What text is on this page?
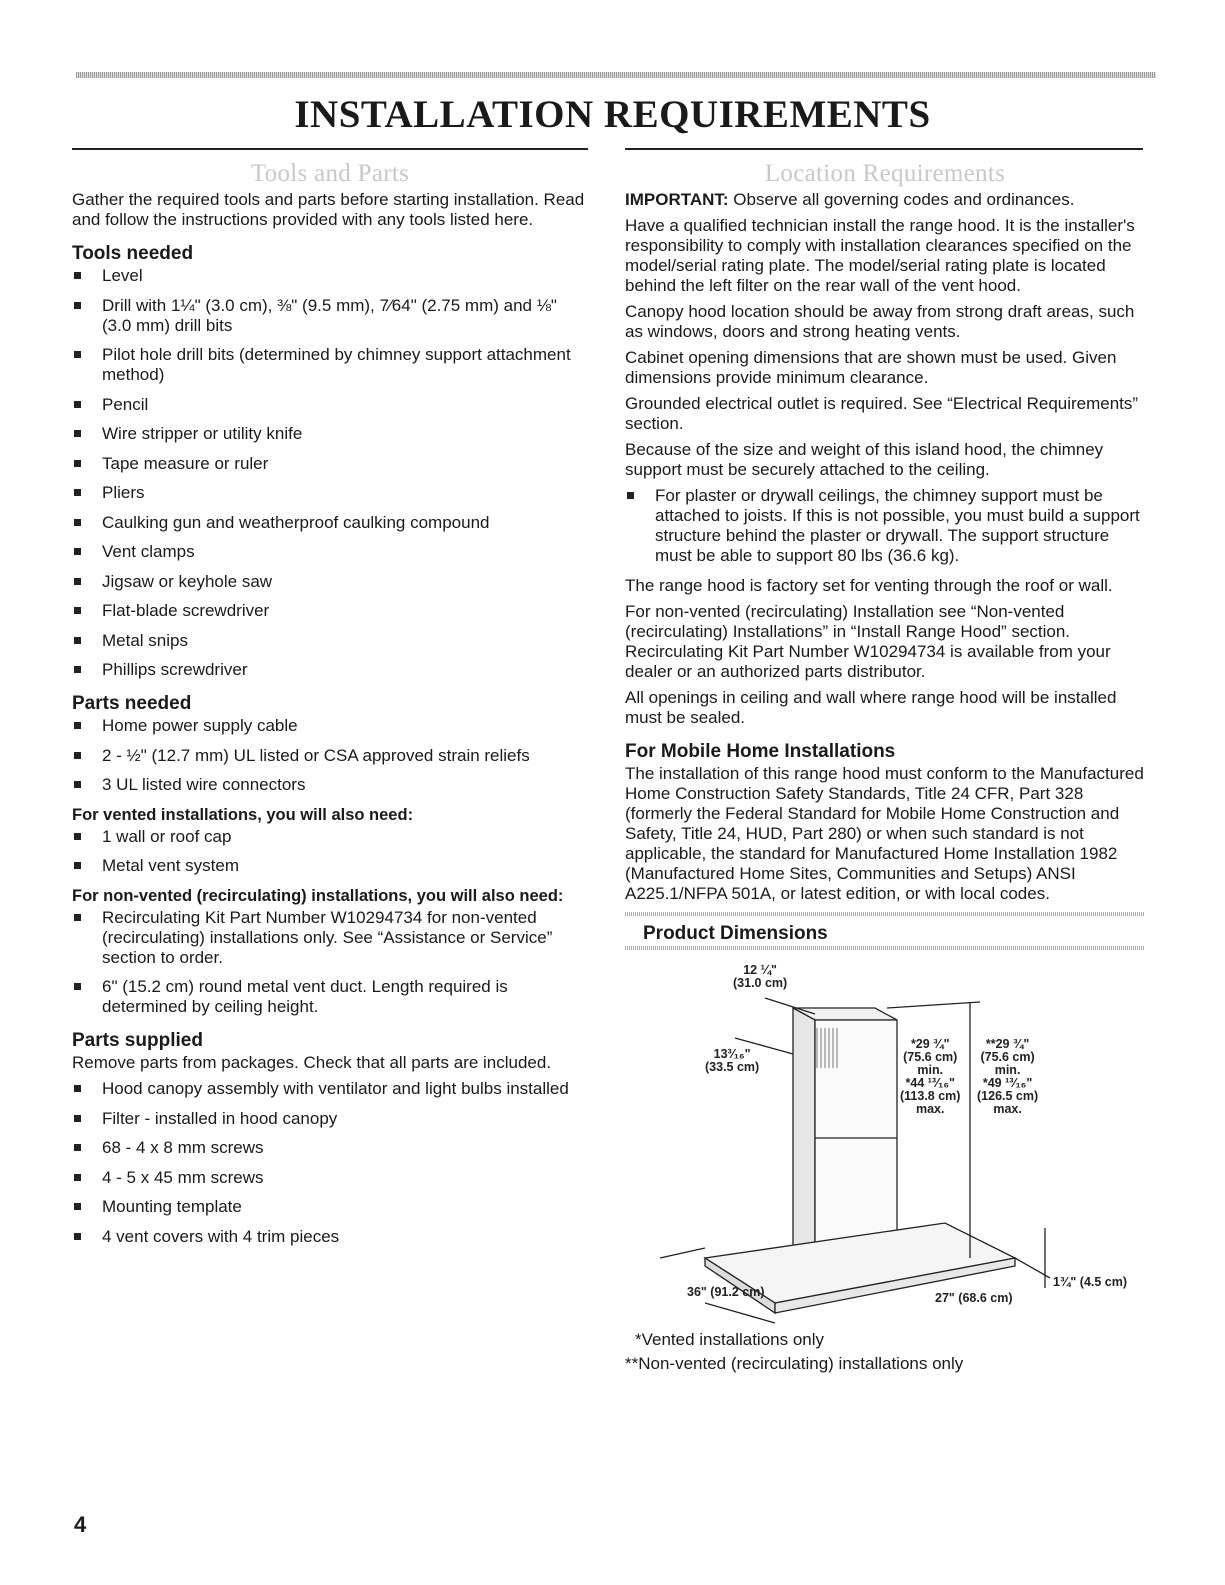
INSTALLATION REQUIREMENTS
Tools and Parts

Gather the required tools and parts before starting installation. Read and follow the instructions provided with any tools listed here.

Tools needed
Level
Drill with 1¼" (3.0 cm), ⅜" (9.5 mm), 7⁄64" (2.75 mm) and ⅛" (3.0 mm) drill bits
Pilot hole drill bits (determined by chimney support attachment method)
Pencil
Wire stripper or utility knife
Tape measure or ruler
Pliers
Caulking gun and weatherproof caulking compound
Vent clamps
Jigsaw or keyhole saw
Flat-blade screwdriver
Metal snips
Phillips screwdriver
Parts needed
Home power supply cable
2 - ½" (12.7 mm) UL listed or CSA approved strain reliefs
3 UL listed wire connectors
For vented installations, you will also need:
1 wall or roof cap
Metal vent system
For non-vented (recirculating) installations, you will also need:
Recirculating Kit Part Number W10294734 for non-vented (recirculating) installations only. See “Assistance or Service” section to order.
6" (15.2 cm) round metal vent duct. Length required is determined by ceiling height.
Parts supplied

Remove parts from packages. Check that all parts are included.

Hood canopy assembly with ventilator and light bulbs installed
Filter - installed in hood canopy
68 - 4 x 8 mm screws
4 - 5 x 45 mm screws
Mounting template
4 vent covers with 4 trim pieces
Location Requirements

IMPORTANT: Observe all governing codes and ordinances.

Have a qualified technician install the range hood. It is the installer's responsibility to comply with installation clearances specified on the model/serial rating plate. The model/serial rating plate is located behind the left filter on the rear wall of the vent hood.

Canopy hood location should be away from strong draft areas, such as windows, doors and strong heating vents.

Cabinet opening dimensions that are shown must be used. Given dimensions provide minimum clearance.

Grounded electrical outlet is required. See “Electrical Requirements” section.

Because of the size and weight of this island hood, the chimney support must be securely attached to the ceiling.

For plaster or drywall ceilings, the chimney support must be attached to joists. If this is not possible, you must build a support structure behind the plaster or drywall. The support structure must be able to support 80 lbs (36.6 kg).

The range hood is factory set for venting through the roof or wall.

For non-vented (recirculating) Installation see “Non-vented (recirculating) Installations” in “Install Range Hood” section. Recirculating Kit Part Number W10294734 is available from your dealer or an authorized parts distributor.

All openings in ceiling and wall where range hood will be installed must be sealed.

For Mobile Home Installations

The installation of this range hood must conform to the Manufactured Home Construction Safety Standards, Title 24 CFR, Part 328 (formerly the Federal Standard for Mobile Home Construction and Safety, Title 24, HUD, Part 280) or when such standard is not applicable, the standard for Manufactured Home Installation 1982 (Manufactured Home Sites, Communities and Setups) ANSI A225.1/NFPA 501A, or latest edition, or with local codes.

Product Dimensions
12 ¼"
(31.0 cm)
13³⁄₁₆"
(33.5 cm)
*29 ¾"
(75.6 cm)
min.
*44 ¹³⁄₁₆"
(113.8 cm)
max.
**29 ¾"
(75.6 cm)
min.
*49 ¹³⁄₁₆"
(126.5 cm)
max.
36" (91.2 cm)	27" (68.6 cm)
1¾" (4.5 cm)

*Vented installations only

**Non-vented (recirculating) installations only

4
